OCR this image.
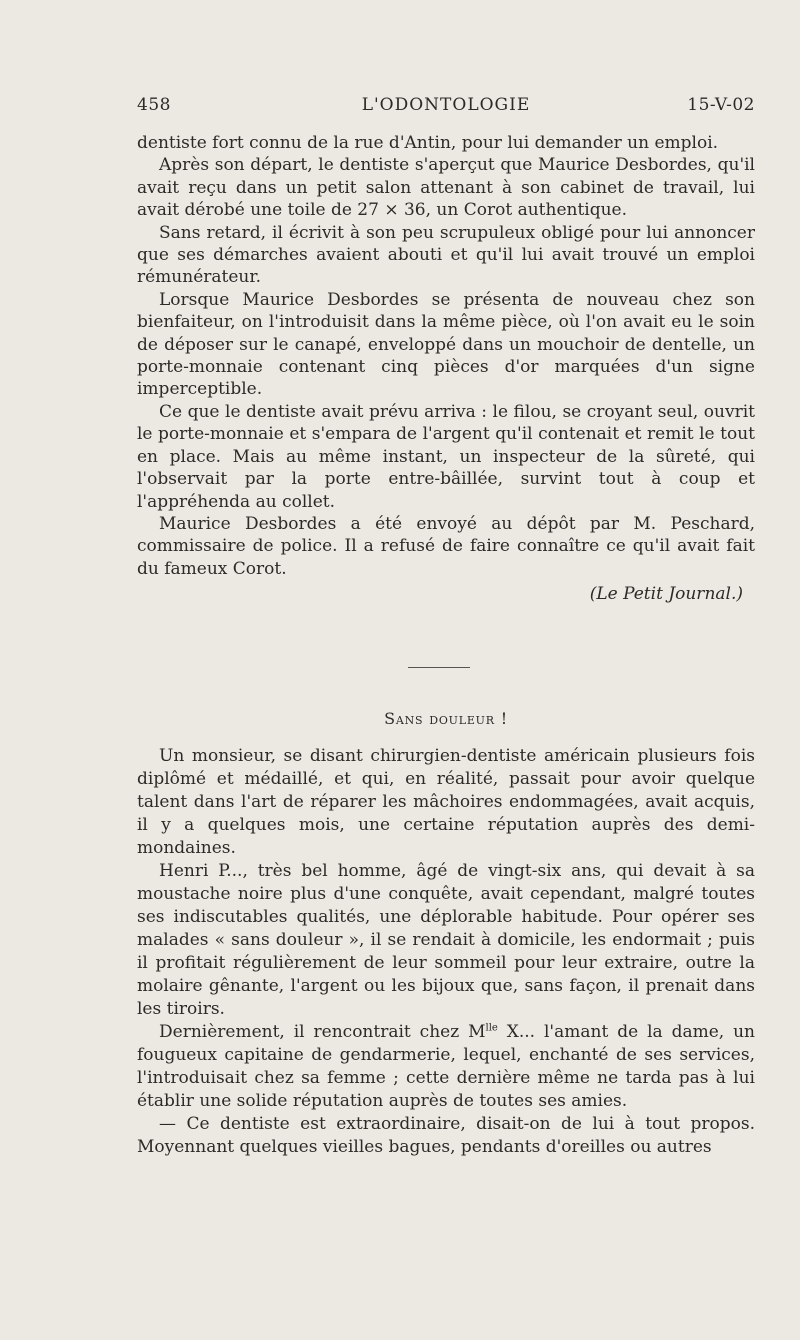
458	L'ODONTOLOGIE	15-V-02

dentiste fort connu de la rue d'Antin, pour lui demander un emploi.

Après son départ, le dentiste s'aperçut que Maurice Desbordes, qu'il avait reçu dans un petit salon attenant à son cabinet de travail, lui avait dérobé une toile de 27 × 36, un Corot authentique.

Sans retard, il écrivit à son peu scrupuleux obligé pour lui annoncer que ses démarches avaient abouti et qu'il lui avait trouvé un emploi rémunérateur.

Lorsque Maurice Desbordes se présenta de nouveau chez son bienfaiteur, on l'introduisit dans la même pièce, où l'on avait eu le soin de déposer sur le canapé, enveloppé dans un mouchoir de dentelle, un porte-monnaie contenant cinq pièces d'or marquées d'un signe imperceptible.

Ce que le dentiste avait prévu arriva : le filou, se croyant seul, ouvrit le porte-monnaie et s'empara de l'argent qu'il contenait et remit le tout en place. Mais au même instant, un inspecteur de la sûreté, qui l'observait par la porte entre-bâillée, survint tout à coup et l'appréhenda au collet.

Maurice Desbordes a été envoyé au dépôt par M. Peschard, commissaire de police. Il a refusé de faire connaître ce qu'il avait fait du fameux Corot.

(Le Petit Journal.)

Sans douleur !

Un monsieur, se disant chirurgien-dentiste américain plusieurs fois diplômé et médaillé, et qui, en réalité, passait pour avoir quelque talent dans l'art de réparer les mâchoires endommagées, avait acquis, il y a quelques mois, une certaine réputation auprès des demi-mondaines.

Henri P..., très bel homme, âgé de vingt-six ans, qui devait à sa moustache noire plus d'une conquête, avait cependant, malgré toutes ses indiscutables qualités, une déplorable habitude. Pour opérer ses malades « sans douleur », il se rendait à domicile, les endormait ; puis il profitait régulièrement de leur sommeil pour leur extraire, outre la molaire gênante, l'argent ou les bijoux que, sans façon, il prenait dans les tiroirs.

Dernièrement, il rencontrait chez $M^{lle}$ X... l'amant de la dame, un fougueux capitaine de gendarmerie, lequel, enchanté de ses services, l'introduisait chez sa femme ; cette dernière même ne tarda pas à lui établir une solide réputation auprès de toutes ses amies.

— Ce dentiste est extraordinaire, disait-on de lui à tout propos. Moyennant quelques vieilles bagues, pendants d'oreilles ou autres
